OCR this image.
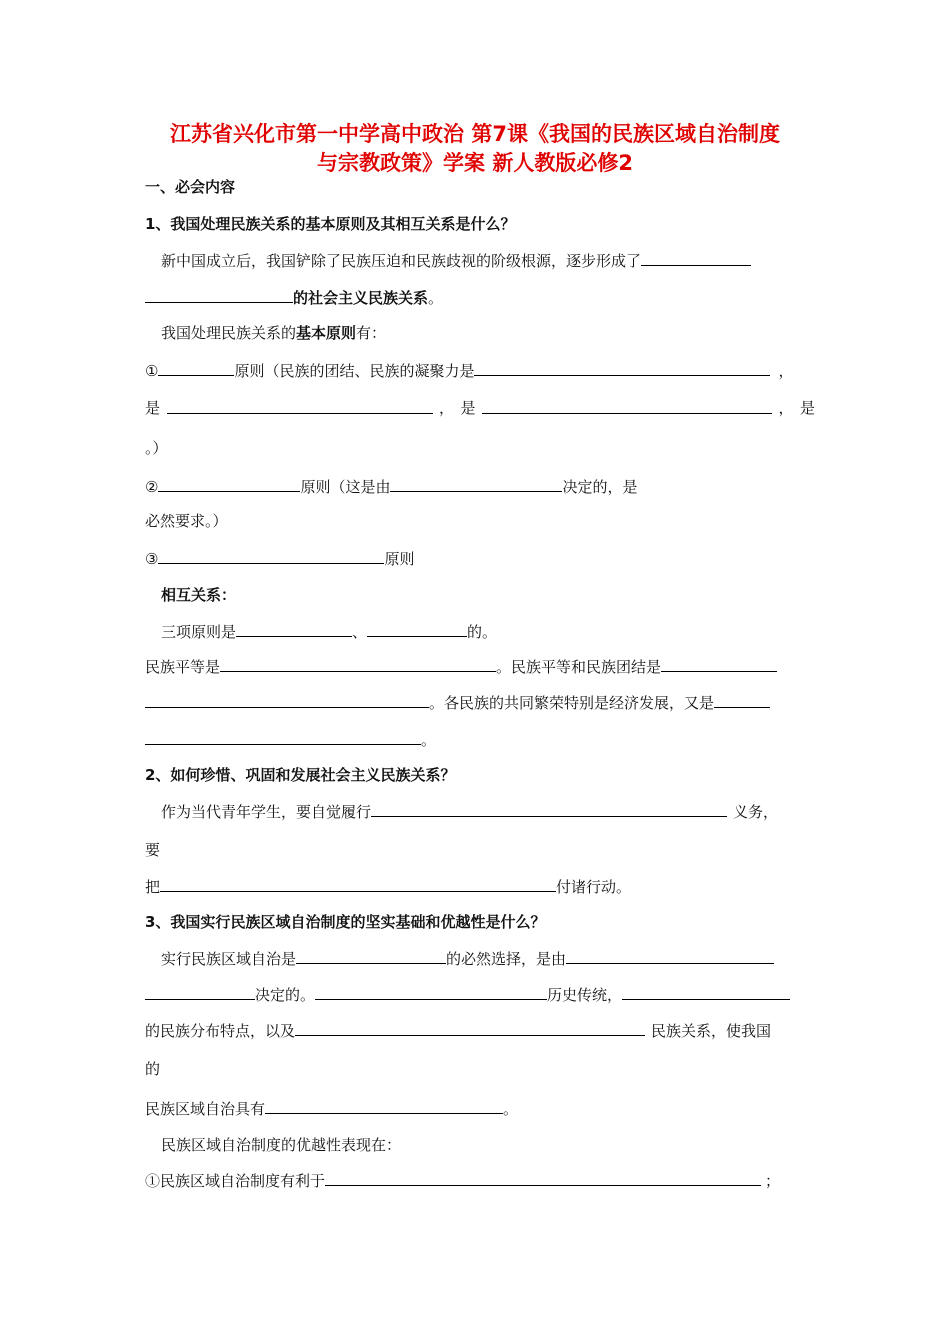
江苏省兴化市第一中学高中政治 第7课《我国的民族区域自治制度
与宗教政策》学案 新人教版必修2
一、必会内容
1、我国处理民族关系的基本原则及其相互关系是什么？
新中国成立后，我国铲除了民族压迫和民族歧视的阶级根源，逐步形成了
的社会主义民族关系。
我国处理民族关系的基本原则有：
①	原则（民族的团结、民族的凝聚力是	，
是	， 是	， 是
。）
②	原则（这是由	决定的，是
必然要求。）
③	原则
相互关系：
三项原则是	、	的。
民族平等是	。民族平等和民族团结是
。各民族的共同繁荣特别是经济发展，又是
。
2、如何珍惜、巩固和发展社会主义民族关系？
作为当代青年学生，要自觉履行	义务，
要
把	付诸行动。
3、我国实行民族区域自治制度的坚实基础和优越性是什么？
实行民族区域自治是	的必然选择，是由
决定的。	历史传统，
的民族分布特点，以及	民族关系，使我国
的
民族区域自治具有	。
民族区域自治制度的优越性表现在：
①民族区域自治制度有利于	；
